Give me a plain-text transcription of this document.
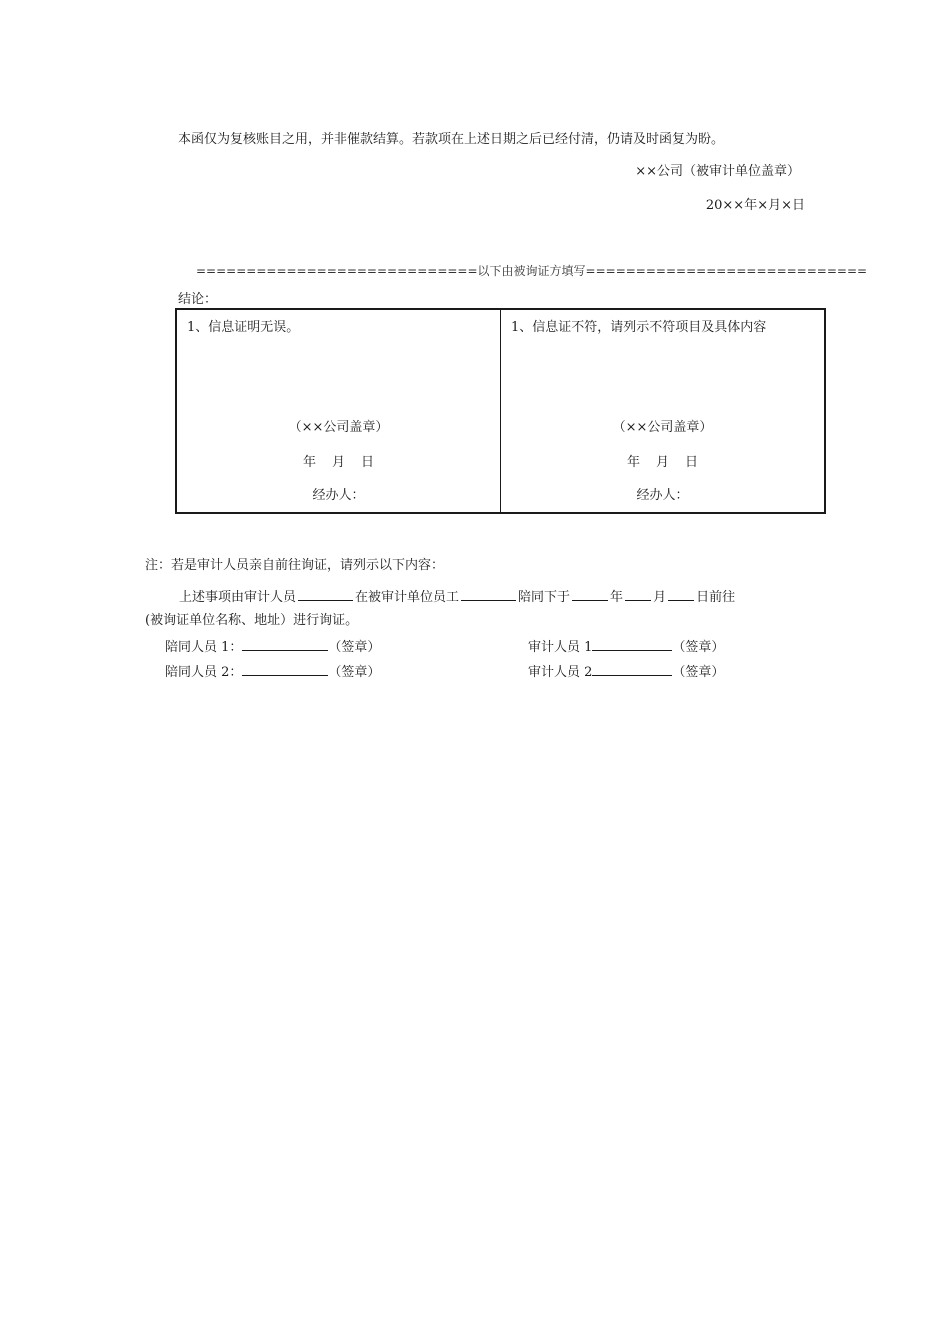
本函仅为复核账目之用，并非催款结算。若款项在上述日期之后已经付清，仍请及时函复为盼。
××公司（被审计单位盖章）
20××年×月×日
============================以下由被询证方填写============================
结论：
1、信息证明无误。
（××公司盖章）
年 月 日
经办人：
1、信息证不符，请列示不符项目及具体内容
（××公司盖章）
年 月 日
经办人：
注：若是审计人员亲自前往询证，请列示以下内容：
上述事项由审计人员	在被审计单位员工	陪同下于	年 月 日前往
(被询证单位名称、地址）进行询证。
陪同人员 1：	（签章）	审计人员 1	（签章）
陪同人员 2：	（签章）	审计人员 2	（签章）
